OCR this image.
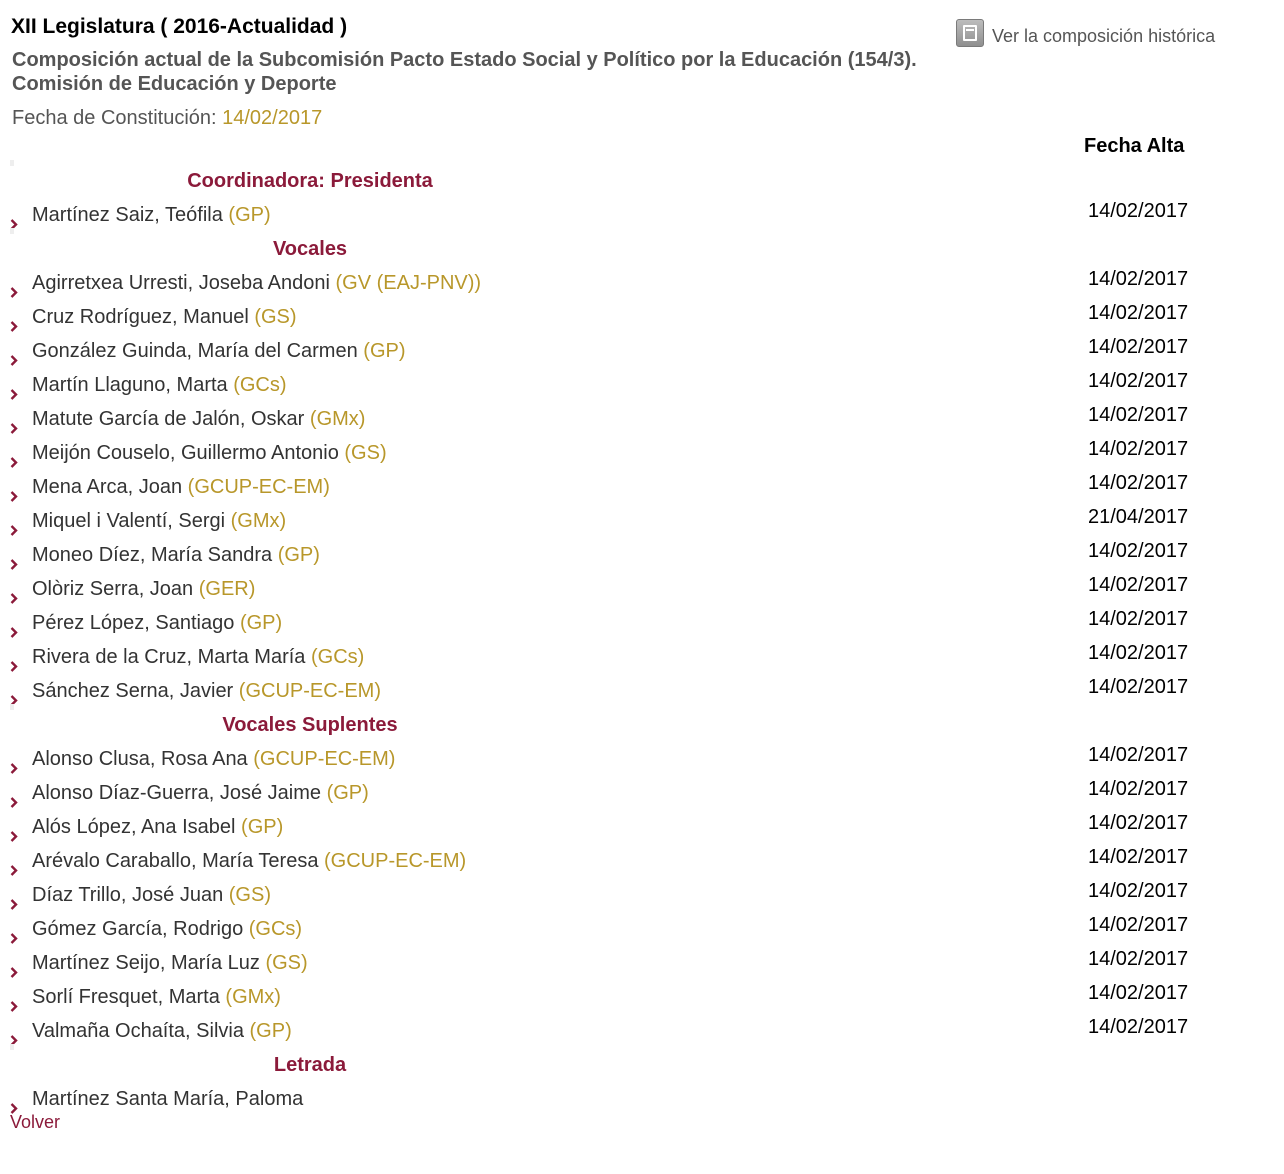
XII Legislatura ( 2016-Actualidad )	Ver la composición histórica
Composición actual de la Subcomisión Pacto Estado Social y Político por la Educación (154/3).
Comisión de Educación y Deporte
Fecha de Constitución: 14/02/2017
Fecha Alta
Coordinadora: Presidenta
Martínez Saiz, Teófila (GP)	14/02/2017
Vocales
Agirretxea Urresti, Joseba Andoni (GV (EAJ-PNV))	14/02/2017
Cruz Rodríguez, Manuel (GS)	14/02/2017
González Guinda, María del Carmen (GP)	14/02/2017
Martín Llaguno, Marta (GCs)	14/02/2017
Matute García de Jalón, Oskar (GMx)	14/02/2017
Meijón Couselo, Guillermo Antonio (GS)	14/02/2017
Mena Arca, Joan (GCUP-EC-EM)	14/02/2017
Miquel i Valentí, Sergi (GMx)	21/04/2017
Moneo Díez, María Sandra (GP)	14/02/2017
Olòriz Serra, Joan (GER)	14/02/2017
Pérez López, Santiago (GP)	14/02/2017
Rivera de la Cruz, Marta María (GCs)	14/02/2017
Sánchez Serna, Javier (GCUP-EC-EM)	14/02/2017
Vocales Suplentes
Alonso Clusa, Rosa Ana (GCUP-EC-EM)	14/02/2017
Alonso Díaz-Guerra, José Jaime (GP)	14/02/2017
Alós López, Ana Isabel (GP)	14/02/2017
Arévalo Caraballo, María Teresa (GCUP-EC-EM)	14/02/2017
Díaz Trillo, José Juan (GS)	14/02/2017
Gómez García, Rodrigo (GCs)	14/02/2017
Martínez Seijo, María Luz (GS)	14/02/2017
Sorlí Fresquet, Marta (GMx)	14/02/2017
Valmaña Ochaíta, Silvia (GP)	14/02/2017
Letrada
Martínez Santa María, Paloma
Volver
